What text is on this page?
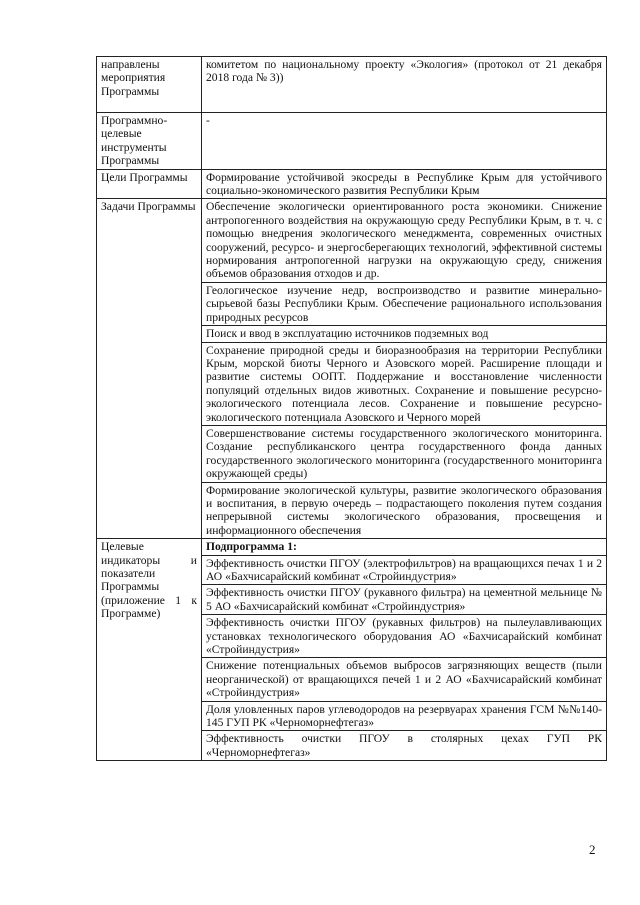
направлены мероприятия Программы	комитетом по национальному проекту «Экология» (протокол от 21 декабря 2018 года № 3))
Программно-целевые инструменты Программы	-
Цели Программы	Формирование устойчивой экосреды в Республике Крым для устойчивого социально-экономического развития Республики Крым
Задачи Программы	Обеспечение экологически ориентированного роста экономики. Снижение антропогенного воздействия на окружающую среду Республики Крым, в т. ч. с помощью внедрения экологического менеджмента, современных очистных сооружений, ресурсо- и энергосберегающих технологий, эффективной системы нормирования антропогенной нагрузки на окружающую среду, снижения объемов образования отходов и др.
	Геологическое изучение недр, воспроизводство и развитие минерально-сырьевой базы Республики Крым. Обеспечение рационального использования природных ресурсов
	Поиск и ввод в эксплуатацию источников подземных вод
	Сохранение природной среды и биоразнообразия на территории Республики Крым, морской биоты Черного и Азовского морей. Расширение площади и развитие системы ООПТ. Поддержание и восстановление численности популяций отдельных видов животных. Сохранение и повышение ресурсно-экологического потенциала лесов. Сохранение и повышение ресурсно-экологического потенциала Азовского и Черного морей
	Совершенствование системы государственного экологического мониторинга. Создание республиканского центра государственного фонда данных государственного экологического мониторинга (государственного мониторинга окружающей среды)
	Формирование экологической культуры, развитие экологического образования и воспитания, в первую очередь – подрастающего поколения путем создания непрерывной системы экологического образования, просвещения и информационного обеспечения
Целевые индикаторы и показатели Программы (приложение 1 к Программе)	Подпрограмма 1:
	Эффективность очистки ПГОУ (электрофильтров) на вращающихся печах 1 и 2 АО «Бахчисарайский комбинат «Стройиндустрия»
	Эффективность очистки ПГОУ (рукавного фильтра) на цементной мельнице № 5 АО «Бахчисарайский комбинат «Стройиндустрия»
	Эффективность очистки ПГОУ (рукавных фильтров) на пылеулавливающих установках технологического оборудования АО «Бахчисарайский комбинат «Стройиндустрия»
	Снижение потенциальных объемов выбросов загрязняющих веществ (пыли неорганической) от вращающихся печей 1 и 2 АО «Бахчисарайский комбинат «Стройиндустрия»
	Доля уловленных паров углеводородов на резервуарах хранения ГСМ №№140-145 ГУП РК «Черноморнефтегаз»
	Эффективность очистки ПГОУ в столярных цехах ГУП РК «Черноморнефтегаз»
2
